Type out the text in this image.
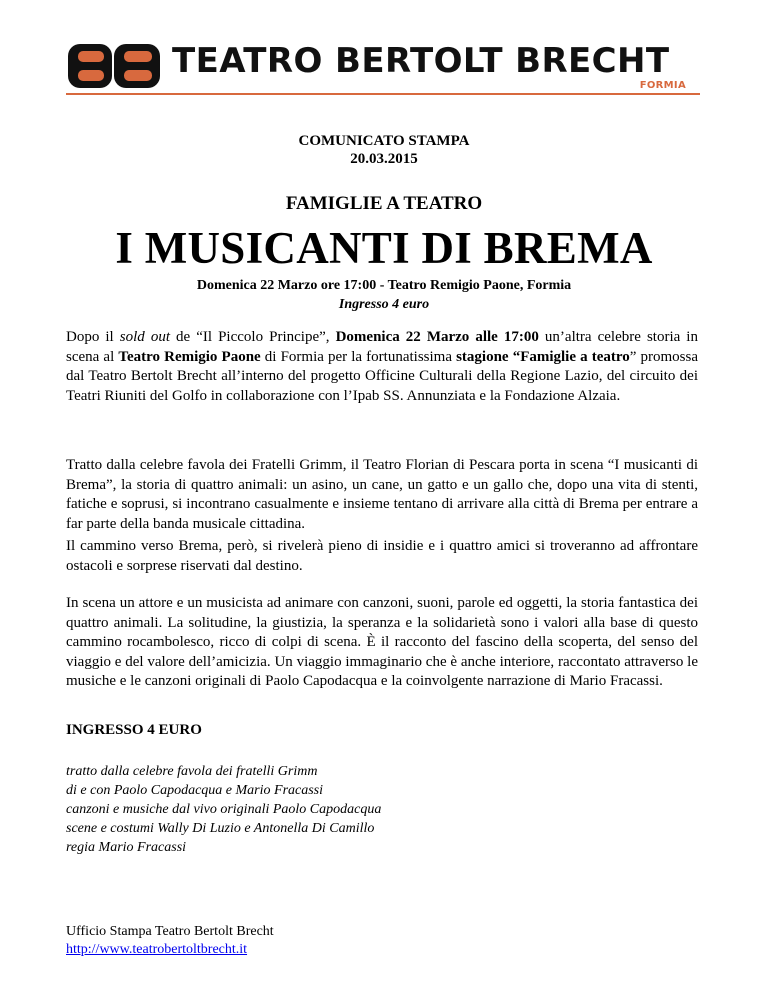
TEATRO BERTOLT BRECHT
FORMIA
COMUNICATO STAMPA
20.03.2015
FAMIGLIE A TEATRO
I MUSICANTI DI BREMA
Domenica 22 Marzo ore 17:00 - Teatro Remigio Paone, Formia
Ingresso 4 euro
Dopo il sold out de “Il Piccolo Principe”, Domenica 22 Marzo alle 17:00 un’altra celebre storia in scena al Teatro Remigio Paone di Formia per la fortunatissima stagione “Famiglie a teatro” promossa dal Teatro Bertolt Brecht all’interno del progetto Officine Culturali della Regione Lazio, del circuito dei Teatri Riuniti del Golfo in collaborazione con l’Ipab SS. Annunziata e la Fondazione Alzaia.
Tratto dalla celebre favola dei Fratelli Grimm, il Teatro Florian di Pescara porta in scena “I musicanti di Brema”, la storia di quattro animali: un asino, un cane, un gatto e un gallo che, dopo una vita di stenti, fatiche e soprusi, si incontrano casualmente e insieme tentano di arrivare alla città di Brema per entrare a far parte della banda musicale cittadina.
Il cammino verso Brema, però, si rivelerà pieno di insidie e i quattro amici si troveranno ad affrontare ostacoli e sorprese riservati dal destino.
In scena un attore e un musicista ad animare con canzoni, suoni, parole ed oggetti, la storia fantastica dei quattro animali. La solitudine, la giustizia, la speranza e la solidarietà sono i valori alla base di questo cammino rocambolesco, ricco di colpi di scena. È il racconto del fascino della scoperta, del senso del viaggio e del valore dell’amicizia. Un viaggio immaginario che è anche interiore, raccontato attraverso le musiche e le canzoni originali di Paolo Capodacqua e la coinvolgente narrazione di Mario Fracassi.
INGRESSO 4 EURO
tratto dalla celebre favola dei fratelli Grimm
di e con Paolo Capodacqua e Mario Fracassi
canzoni e musiche dal vivo originali Paolo Capodacqua
scene e costumi Wally Di Luzio e Antonella Di Camillo
regia Mario Fracassi
Ufficio Stampa Teatro Bertolt Brecht
http://www.teatrobertoltbrecht.it
